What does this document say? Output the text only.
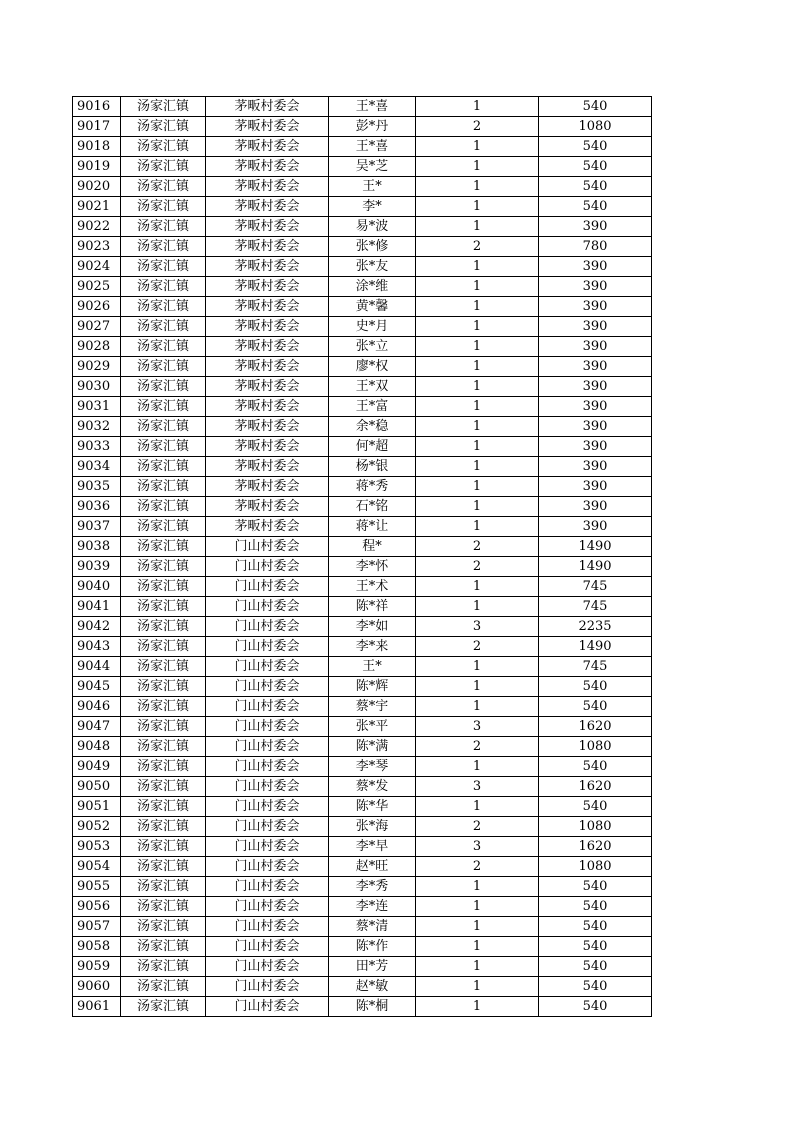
9016	汤家汇镇	茅畈村委会	王*喜	1	540
9017	汤家汇镇	茅畈村委会	彭*丹	2	1080
9018	汤家汇镇	茅畈村委会	王*喜	1	540
9019	汤家汇镇	茅畈村委会	吴*芝	1	540
9020	汤家汇镇	茅畈村委会	王*	1	540
9021	汤家汇镇	茅畈村委会	李*	1	540
9022	汤家汇镇	茅畈村委会	易*波	1	390
9023	汤家汇镇	茅畈村委会	张*修	2	780
9024	汤家汇镇	茅畈村委会	张*友	1	390
9025	汤家汇镇	茅畈村委会	涂*维	1	390
9026	汤家汇镇	茅畈村委会	黄*馨	1	390
9027	汤家汇镇	茅畈村委会	史*月	1	390
9028	汤家汇镇	茅畈村委会	张*立	1	390
9029	汤家汇镇	茅畈村委会	廖*权	1	390
9030	汤家汇镇	茅畈村委会	王*双	1	390
9031	汤家汇镇	茅畈村委会	王*富	1	390
9032	汤家汇镇	茅畈村委会	余*稳	1	390
9033	汤家汇镇	茅畈村委会	何*超	1	390
9034	汤家汇镇	茅畈村委会	杨*银	1	390
9035	汤家汇镇	茅畈村委会	蒋*秀	1	390
9036	汤家汇镇	茅畈村委会	石*铭	1	390
9037	汤家汇镇	茅畈村委会	蒋*让	1	390
9038	汤家汇镇	门山村委会	程*	2	1490
9039	汤家汇镇	门山村委会	李*怀	2	1490
9040	汤家汇镇	门山村委会	王*术	1	745
9041	汤家汇镇	门山村委会	陈*祥	1	745
9042	汤家汇镇	门山村委会	李*如	3	2235
9043	汤家汇镇	门山村委会	李*来	2	1490
9044	汤家汇镇	门山村委会	王*	1	745
9045	汤家汇镇	门山村委会	陈*辉	1	540
9046	汤家汇镇	门山村委会	蔡*宇	1	540
9047	汤家汇镇	门山村委会	张*平	3	1620
9048	汤家汇镇	门山村委会	陈*满	2	1080
9049	汤家汇镇	门山村委会	李*琴	1	540
9050	汤家汇镇	门山村委会	蔡*发	3	1620
9051	汤家汇镇	门山村委会	陈*华	1	540
9052	汤家汇镇	门山村委会	张*海	2	1080
9053	汤家汇镇	门山村委会	李*早	3	1620
9054	汤家汇镇	门山村委会	赵*旺	2	1080
9055	汤家汇镇	门山村委会	李*秀	1	540
9056	汤家汇镇	门山村委会	李*连	1	540
9057	汤家汇镇	门山村委会	蔡*清	1	540
9058	汤家汇镇	门山村委会	陈*作	1	540
9059	汤家汇镇	门山村委会	田*芳	1	540
9060	汤家汇镇	门山村委会	赵*敏	1	540
9061	汤家汇镇	门山村委会	陈*桐	1	540
